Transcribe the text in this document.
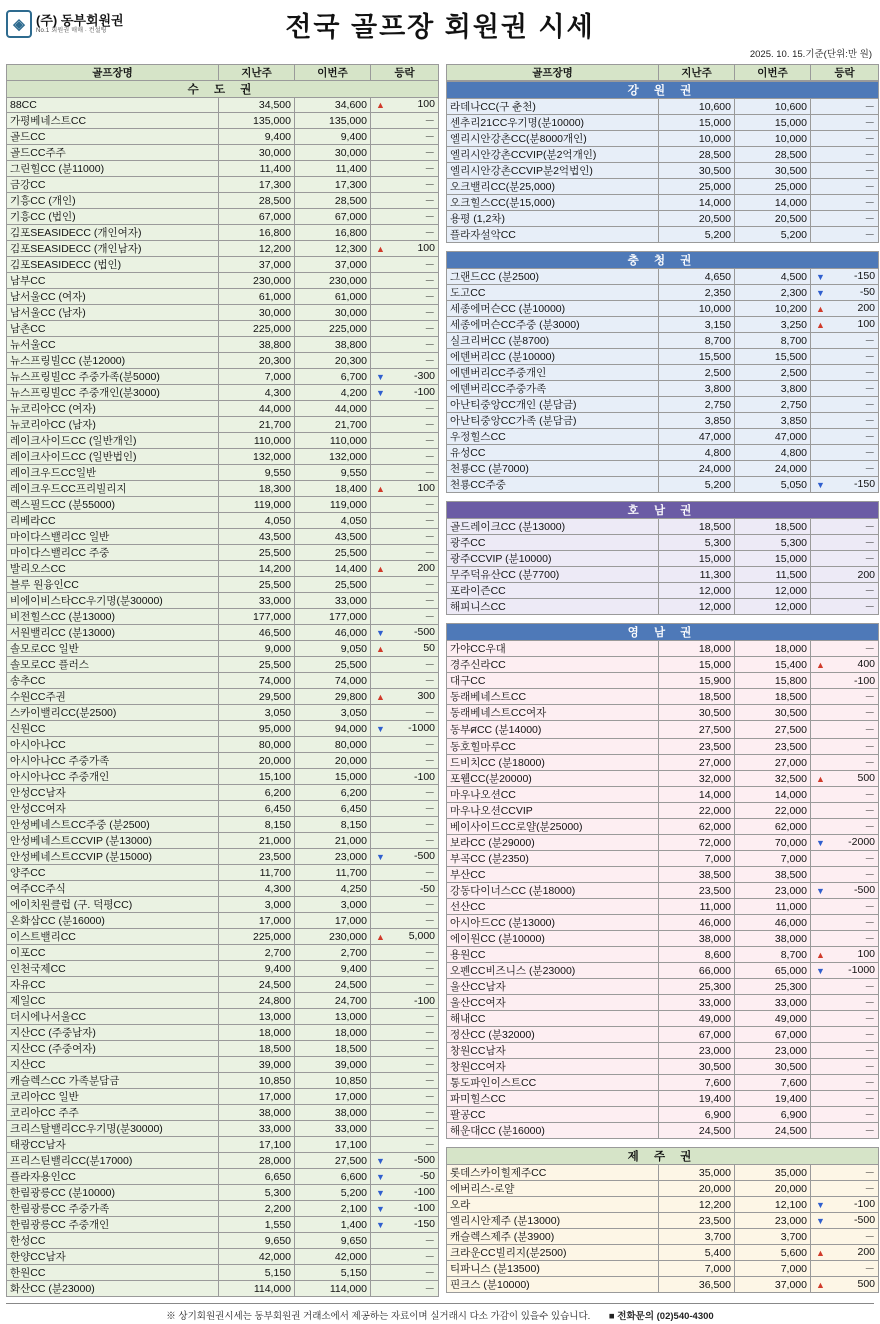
◈ (주) 동부회원권
No.1 회원권 매매 ∙ 컨설팅	전국 골프장 회원권 시세
2025. 10. 15.기준(단위:만 원)
골프장명	지난주	이번주	등락
수 도 권			
88CC	34,500	34,600	▲ 100
가평베네스트CC	135,000	135,000	－
골드CC	9,400	9,400	－
골드CC주주	30,000	30,000	－
그린힐CC (분11000)	11,400	11,400	－
금강CC	17,300	17,300	－
기흥CC (개인)	28,500	28,500	－
기흥CC (법인)	67,000	67,000	－
김포SEASIDECC (개인여자)	16,800	16,800	－
김포SEASIDECC (개인남자)	12,200	12,300	▲ 100
김포SEASIDECC (법인)	37,000	37,000	－
남부CC	230,000	230,000	－
남서울CC (여자)	61,000	61,000	－
남서울CC (남자)	30,000	30,000	－
남촌CC	225,000	225,000	－
뉴서울CC	38,800	38,800	－
뉴스프링빌CC (분12000)	20,300	20,300	－
뉴스프링빌CC 주중가족(분5000)	7,000	6,700	▼ -300
뉴스프링빌CC 주중개인(분3000)	4,300	4,200	▼ -100
뉴코리아CC (여자)	44,000	44,000	－
뉴코리아CC (남자)	21,700	21,700	－
레이크사이드CC (일반개인)	110,000	110,000	－
레이크사이드CC (일반법인)	132,000	132,000	－
레이크우드CC일반	9,550	9,550	－
레이크우드CC프리빌리지	18,300	18,400	▲ 100
렉스필드CC (분55000)	119,000	119,000	－
리베라CC	4,050	4,050	－
마이다스밸리CC 일반	43,500	43,500	－
마이다스밸리CC 주중	25,500	25,500	－
발리오스CC	14,200	14,400	▲ 200
블루 원융인CC	25,500	25,500	－
비에이비스타CC우기명(분30000)	33,000	33,000	－
비전힐스CC (분13000)	177,000	177,000	－
서원밸리CC (분13000)	46,500	46,000	▼ -500
솔모로CC 일반	9,000	9,050	▲ 50
솔모로CC 플러스	25,500	25,500	－
송추CC	74,000	74,000	－
수원CC주권	29,500	29,800	▲ 300
스카이밸리CC(분2500)	3,050	3,050	－
신원CC	95,000	94,000	▼ -1000
아시아나CC	80,000	80,000	－
아시아나CC 주중가족	20,000	20,000	－
아시아나CC 주중개인	15,100	15,000	-100
안성CC남자	6,200	6,200	－
안성CC여자	6,450	6,450	－
안성베네스트CC주중 (분2500)	8,150	8,150	－
안성베네스트CCVIP (분13000)	21,000	21,000	－
안성베네스트CCVIP (분15000)	23,500	23,000	▼ -500
양주CC	11,700	11,700	－
여주CC주식	4,300	4,250	-50
에이치원클럽 (구. 덕평CC)	3,000	3,000	－
온화삼CC (분16000)	17,000	17,000	－
이스트밸리CC	225,000	230,000	▲ 5,000
이포CC	2,700	2,700	－
인천국제CC	9,400	9,400	－
자유CC	24,500	24,500	－
제일CC	24,800	24,700	-100
더시에나서울CC	13,000	13,000	－
지산CC (주중남자)	18,000	18,000	－
지산CC (주중여자)	18,500	18,500	－
지산CC	39,000	39,000	－
캐슬렉스CC 가족분담금	10,850	10,850	－
코리아CC 일반	17,000	17,000	－
코리아CC 주주	38,000	38,000	－
크리스탈밸리CC우기명(분30000)	33,000	33,000	－
태광CC남자	17,100	17,100	－
프리스틴밸리CC(분17000)	28,000	27,500	▼ -500
플라자용인CC	6,650	6,600	▼ -50
한림광릉CC (분10000)	5,300	5,200	▼ -100
한림광릉CC 주중가족	2,200	2,100	▼ -100
한림광릉CC 주중개인	1,550	1,400	▼ -150
한성CC	9,650	9,650	－
한양CC남자	42,000	42,000	－
한원CC	5,150	5,150	－
화산CC (분23000)	114,000	114,000	－
골프장명	지난주	이번주	등락
강 원 권			
라데나CC(구 춘천)	10,600	10,600	－
센추리21CC우기명(분10000)	15,000	15,000	－
엘리시안강촌CC(분8000개인)	10,000	10,000	－
엘리시안강촌CCVIP(분2억개인)	28,500	28,500	－
엘리시안강촌CCVIP분2억법인)	30,500	30,500	－
오크밸리CC(분25,000)	25,000	25,000	－
오크힐스CC(분15,000)	14,000	14,000	－
용평 (1,2차)	20,500	20,500	－
플라자설악CC	5,200	5,200	－
충 청 권			
그랜드CC (분2500)	4,650	4,500	▼ -150
도고CC	2,350	2,300	▼ -50
세종에머슨CC (분10000)	10,000	10,200	▲ 200
세종에머슨CC주중 (분3000)	3,150	3,250	▲ 100
실크리버CC (분8700)	8,700	8,700	－
에덴버리CC (분10000)	15,500	15,500	－
에덴버리CC주중개인	2,500	2,500	－
에덴버리CC주중가족	3,800	3,800	－
아난티중앙CC개인 (분담금)	2,750	2,750	－
아난티중앙CC가족 (분담금)	3,850	3,850	－
우정힐스CC	47,000	47,000	－
유성CC	4,800	4,800	－
천룡CC (분7000)	24,000	24,000	－
천룡CC주중	5,200	5,050	▼ -150
호 남 권			
골드레이크CC (분13000)	18,500	18,500	－
광주CC	5,300	5,300	－
광주CCVIP (분10000)	15,000	15,000	－
무주덕유산CC (분7700)	11,300	11,500	200
포라이즌CC	12,000	12,000	－
해피니스CC	12,000	12,000	－
영 남 권			
가야CC우대	18,000	18,000	－
경주신라CC	15,000	15,400	▲ 400
대구CC	15,900	15,800	-100
동래베네스트CC	18,500	18,500	－
동래베네스트CC여자	30,500	30,500	－
동부ศCC (분14000)	27,500	27,500	－
동호힐마루CC	23,500	23,500	－
드비치CC (분18000)	27,000	27,000	－
포웰CC(분20000)	32,000	32,500	▲ 500
마우나오션CC	14,000	14,000	－
마우나오션CCVIP	22,000	22,000	－
베이사이드CC로얄(분25000)	62,000	62,000	－
보라CC (분29000)	72,000	70,000	▼ -2000
부곡CC (분2350)	7,000	7,000	－
부산CC	38,500	38,500	－
강동다이너스CC (분18000)	23,500	23,000	▼ -500
선산CC	11,000	11,000	－
아시아드CC (분13000)	46,000	46,000	－
에이원CC (분10000)	38,000	38,000	－
용원CC	8,600	8,700	▲ 100
오펜CC비즈니스 (분23000)	66,000	65,000	▼ -1000
울산CC남자	25,300	25,300	－
울산CC여자	33,000	33,000	－
해내CC	49,000	49,000	－
정산CC (분32000)	67,000	67,000	－
창원CC남자	23,000	23,000	－
창원CC여자	30,500	30,500	－
통도파인이스트CC	7,600	7,600	－
파미힐스CC	19,400	19,400	－
팔공CC	6,900	6,900	－
해운대CC (분16000)	24,500	24,500	－
제 주 권			
롯데스카이힐제주CC	35,000	35,000	－
에버리스-로얄	20,000	20,000	－
오라	12,200	12,100	▼ -100
엘리시안제주 (분13000)	23,500	23,000	▼ -500
캐슬렉스제주 (분3900)	3,700	3,700	－
크라운CC빌리지(분2500)	5,400	5,600	▲ 200
티파니스 (분13500)	7,000	7,000	－
핀크스 (분10000)	36,500	37,000	▲ 500
※ 상기회원권시세는 동부회원권 거래소에서 제공하는 자료이며 실거래시 다소 가감이 있을수 있습니다. ■ 전화문의 (02)540-4300
